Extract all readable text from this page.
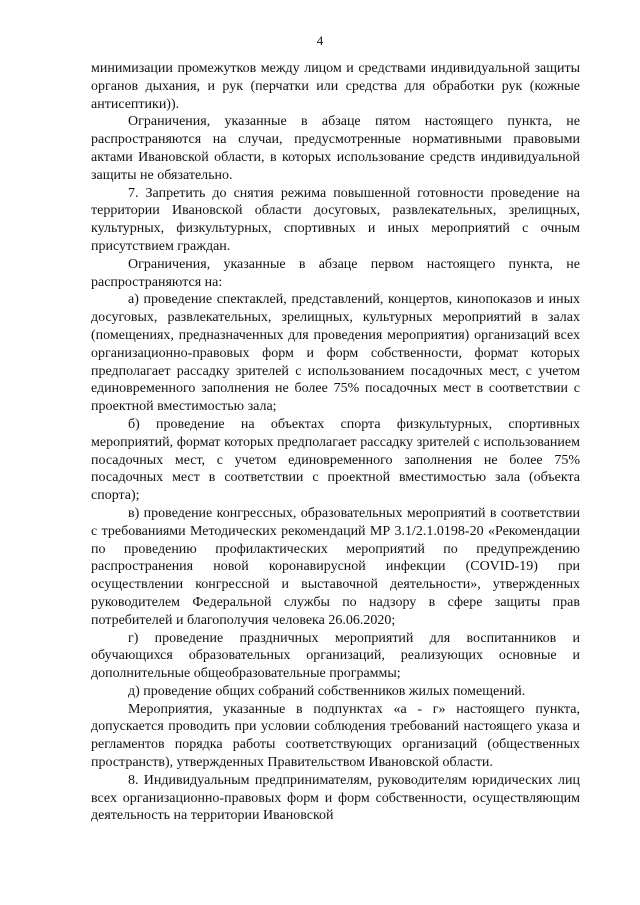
4

минимизации промежутков между лицом и средствами индивидуальной защиты органов дыхания, и рук (перчатки или средства для обработки рук (кожные антисептики)).

Ограничения, указанные в абзаце пятом настоящего пункта, не распространяются на случаи, предусмотренные нормативными правовыми актами Ивановской области, в которых использование средств индивидуальной защиты не обязательно.

7. Запретить до снятия режима повышенной готовности проведение на территории Ивановской области досуговых, развлекательных, зрелищных, культурных, физкультурных, спортивных и иных мероприятий с очным присутствием граждан.

Ограничения, указанные в абзаце первом настоящего пункта, не распространяются на:

а) проведение спектаклей, представлений, концертов, кинопоказов и иных досуговых, развлекательных, зрелищных, культурных мероприятий в залах (помещениях, предназначенных для проведения мероприятия) организаций всех организационно-правовых форм и форм собственности, формат которых предполагает рассадку зрителей с использованием посадочных мест, с учетом единовременного заполнения не более 75% посадочных мест в соответствии с проектной вместимостью зала;

б) проведение на объектах спорта физкультурных, спортивных мероприятий, формат которых предполагает рассадку зрителей с использованием посадочных мест, с учетом единовременного заполнения не более 75% посадочных мест в соответствии с проектной вместимостью зала (объекта спорта);

в) проведение конгрессных, образовательных мероприятий в соответствии с требованиями Методических рекомендаций МР 3.1/2.1.0198-20 «Рекомендации по проведению профилактических мероприятий по предупреждению распространения новой коронавирусной инфекции (COVID-19) при осуществлении конгрессной и выставочной деятельности», утвержденных руководителем Федеральной службы по надзору в сфере защиты прав потребителей и благополучия человека 26.06.2020;

г) проведение праздничных мероприятий для воспитанников и обучающихся образовательных организаций, реализующих основные и дополнительные общеобразовательные программы;

д) проведение общих собраний собственников жилых помещений.

Мероприятия, указанные в подпунктах «а - г» настоящего пункта, допускается проводить при условии соблюдения требований настоящего указа и регламентов порядка работы соответствующих организаций (общественных пространств), утвержденных Правительством Ивановской области.

8. Индивидуальным предпринимателям, руководителям юридических лиц всех организационно-правовых форм и форм собственности, осуществляющим деятельность на территории Ивановской
